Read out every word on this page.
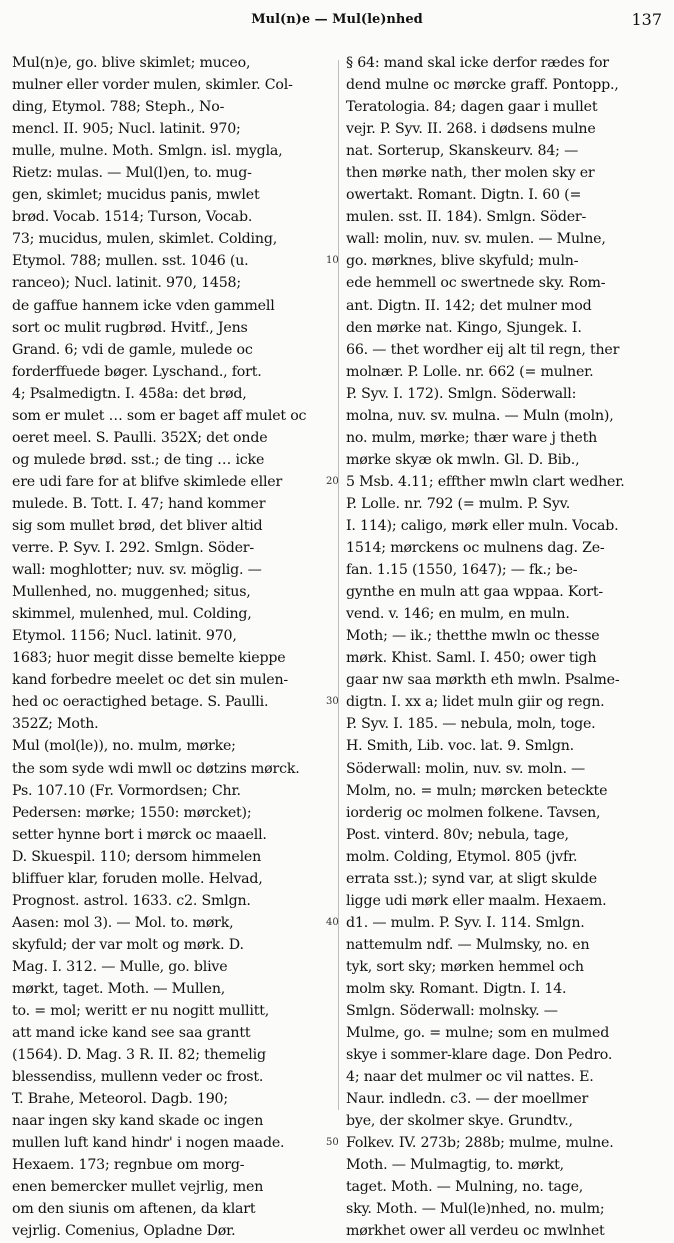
Mul(n)e — Mul(le)nhed	137
Mul(n)e, go. blive skimlet; muceo,
mulner eller vorder mulen, skimler. Col-
ding, Etymol. 788; Steph., No-
mencl. II. 905; Nucl. latinit. 970;
mulle, mulne. Moth. Smlgn. isl. mygla,
Rietz: mulas. — Mul(l)en, to. mug-
gen, skimlet; mucidus panis, mwlet
brød. Vocab. 1514; Turson, Vocab.
73; mucidus, mulen, skimlet. Colding,
Etymol. 788; mullen. sst. 1046 (u.
ranceo); Nucl. latinit. 970, 1458;
de gaffue hannem icke vden gammell
sort oc mulit rugbrød. Hvitf., Jens
Grand. 6; vdi de gamle, mulede oc
forderffuede bøger. Lyschand., fort.
4; Psalmedigtn. I. 458a: det brød,
som er mulet … som er baget aff mulet oc
oeret meel. S. Paulli. 352X; det onde
og mulede brød. sst.; de ting … icke
ere udi fare for at blifve skimlede eller
mulede. B. Tott. I. 47; hand kommer
sig som mullet brød, det bliver altid
verre. P. Syv. I. 292. Smlgn. Söder-
wall: moghlotter; nuv. sv. möglig. —
Mullenhed, no. muggenhed; situs,
skimmel, mulenhed, mul. Colding,
Etymol. 1156; Nucl. latinit. 970,
1683; huor megit disse bemelte kieppe
kand forbedre meelet oc det sin mulen-
hed oc oeractighed betage. S. Paulli.
352Z; Moth.
Mul (mol(le)), no. mulm, mørke;
the som syde wdi mwll oc døtzins mørck.
Ps. 107.10 (Fr. Vormordsen; Chr.
Pedersen: mørke; 1550: mørcket);
setter hynne bort i mørck oc maaell.
D. Skuespil. 110; dersom himmelen
bliffuer klar, foruden molle. Helvad,
Prognost. astrol. 1633. c2. Smlgn.
Aasen: mol 3). — Mol. to. mørk,
skyfuld; der var molt og mørk. D.
Mag. I. 312. — Mulle, go. blive
mørkt, taget. Moth. — Mullen,
to. = mol; weritt er nu nogitt mullitt,
att mand icke kand see saa grantt
(1564). D. Mag. 3 R. II. 82; themelig
blessendiss, mullenn veder oc frost.
T. Brahe, Meteorol. Dagb. 190;
naar ingen sky kand skade oc ingen
mullen luft kand hindr' i nogen maade.
Hexaem. 173; regnbue om morg-
enen bemercker mullet vejrlig, men
om den siunis om aftenen, da klart
vejrlig. Comenius, Opladne Dør.
§ 64: mand skal icke derfor rædes for
dend mulne oc mørcke graff. Pontopp.,
Teratologia. 84; dagen gaar i mullet
vejr. P. Syv. II. 268. i dødsens mulne
nat. Sorterup, Skanskeurv. 84; —
then mørke nath, ther molen sky er
owertakt. Romant. Digtn. I. 60 (=
mulen. sst. II. 184). Smlgn. Söder-
wall: molin, nuv. sv. mulen. — Mulne,
go. mørknes, blive skyfuld; muln-
ede hemmell oc swertnede sky. Rom-
ant. Digtn. II. 142; det mulner mod
den mørke nat. Kingo, Sjungek. I.
66. — thet wordher eij alt til regn, ther
molnær. P. Lolle. nr. 662 (= mulner.
P. Syv. I. 172). Smlgn. Söderwall:
molna, nuv. sv. mulna. — Muln (moln),
no. mulm, mørke; thær ware j theth
mørke skyæ ok mwln. Gl. D. Bib.,
5 Msb. 4.11; effther mwln clart wedher.
P. Lolle. nr. 792 (= mulm. P. Syv.
I. 114); caligo, mørk eller muln. Vocab.
1514; mørckens oc mulnens dag. Ze-
fan. 1.15 (1550, 1647); — fk.; be-
gynthe en muln att gaa wppaa. Kort-
vend. v. 146; en mulm, en muln.
Moth; — ik.; thetthe mwln oc thesse
mørk. Khist. Saml. I. 450; ower tigh
gaar nw saa mørkth eth mwln. Psalme-
digtn. I. xx a; lidet muln giir og regn.
P. Syv. I. 185. — nebula, moln, toge.
H. Smith, Lib. voc. lat. 9. Smlgn.
Söderwall: molin, nuv. sv. moln. —
Molm, no. = muln; mørcken beteckte
iorderig oc molmen folkene. Tavsen,
Post. vinterd. 80v; nebula, tage,
molm. Colding, Etymol. 805 (jvfr.
errata sst.); synd var, at sligt skulde
ligge udi mørk eller maalm. Hexaem.
d1. — mulm. P. Syv. I. 114. Smlgn.
nattemulm ndf. — Mulmsky, no. en
tyk, sort sky; mørken hemmel och
molm sky. Romant. Digtn. I. 14.
Smlgn. Söderwall: molnsky. —
Mulme, go. = mulne; som en mulmed
skye i sommer-klare dage. Don Pedro.
4; naar det mulmer oc vil nattes. E.
Naur. indledn. c3. — der moellmer
bye, der skolmer skye. Grundtv.,
Folkev. IV. 273b; 288b; mulme, mulne.
Moth. — Mulmagtig, to. mørkt,
taget. Moth. — Mulning, no. tage,
sky. Moth. — Mul(le)nhed, no. mulm;
mørkhet ower all verdeu oc mwlnhet
10
20
30
40
50
